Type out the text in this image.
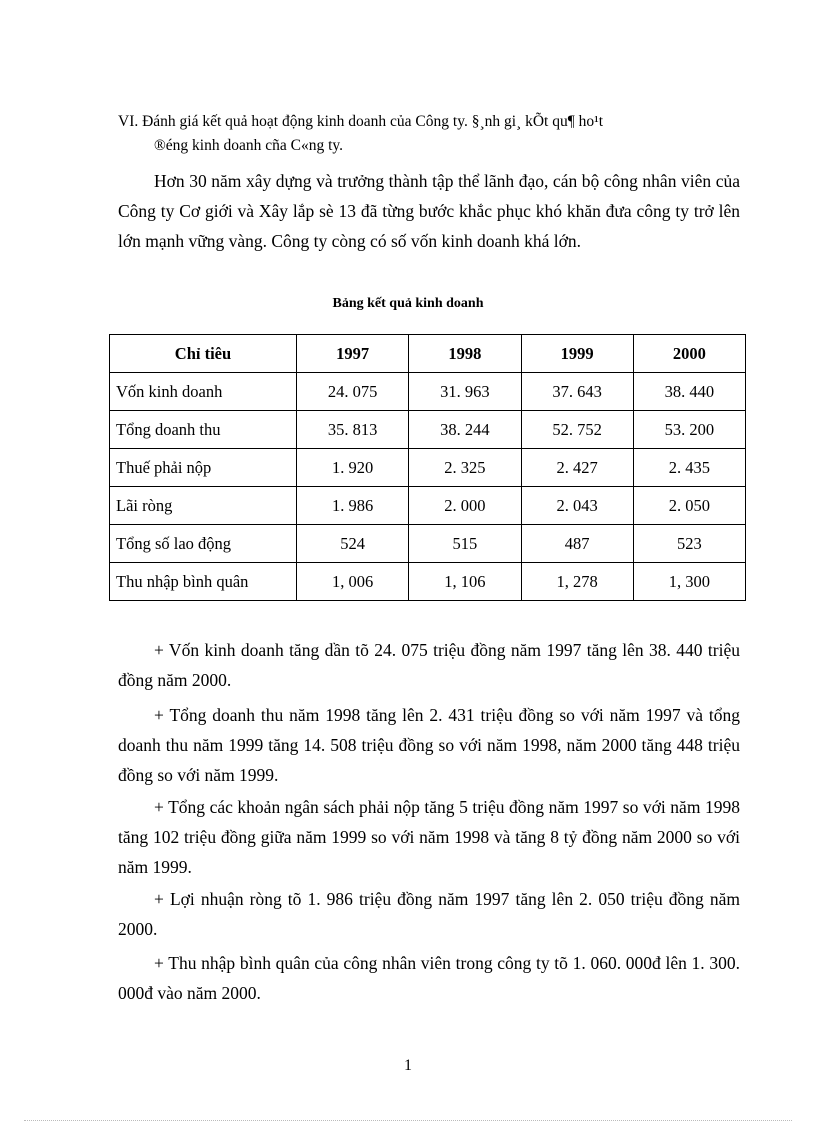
VI. Đánh giá kết quả hoạt động kinh doanh của Công ty. §¸nh gi¸ kÕt qu¶ ho¹t
®éng kinh doanh cña C«ng ty.

Hơn 30 năm xây dựng và trưởng thành tập thể lãnh đạo, cán bộ công nhân viên của Công ty Cơ giới và Xây lắp sè 13 đã từng bước khắc phục khó khăn đưa công ty trở lên lớn mạnh vững vàng. Công ty còng có số vốn kinh doanh khá lớn.

Bảng kết quả kinh doanh
Chỉ tiêu	1997	1998	1999	2000
Vốn kinh doanh	24. 075	31. 963	37. 643	38. 440
Tổng doanh thu	35. 813	38. 244	52. 752	53. 200
Thuế phải nộp	1. 920	2. 325	2. 427	2. 435
Lãi ròng	1. 986	2. 000	2. 043	2. 050
Tổng số lao động	524	515	487	523
Thu nhập bình quân	1, 006	1, 106	1, 278	1, 300

+ Vốn kinh doanh tăng dần tõ 24. 075 triệu đồng năm 1997 tăng lên 38. 440 triệu đồng năm 2000.

+ Tổng doanh thu năm 1998 tăng lên 2. 431 triệu đồng so với năm 1997 và tổng doanh thu năm 1999 tăng 14. 508 triệu đồng so với năm 1998, năm 2000 tăng 448 triệu đồng so với năm 1999.

+ Tổng các khoản ngân sách phải nộp tăng 5 triệu đồng năm 1997 so với năm 1998 tăng 102 triệu đồng giữa năm 1999 so với năm 1998 và tăng 8 tỷ đồng năm 2000 so với năm 1999.

+ Lợi nhuận ròng tõ 1. 986 triệu đồng năm 1997 tăng lên 2. 050 triệu đồng năm 2000.

+ Thu nhập bình quân của công nhân viên trong công ty tõ 1. 060. 000đ lên 1. 300. 000đ vào năm 2000.

1
